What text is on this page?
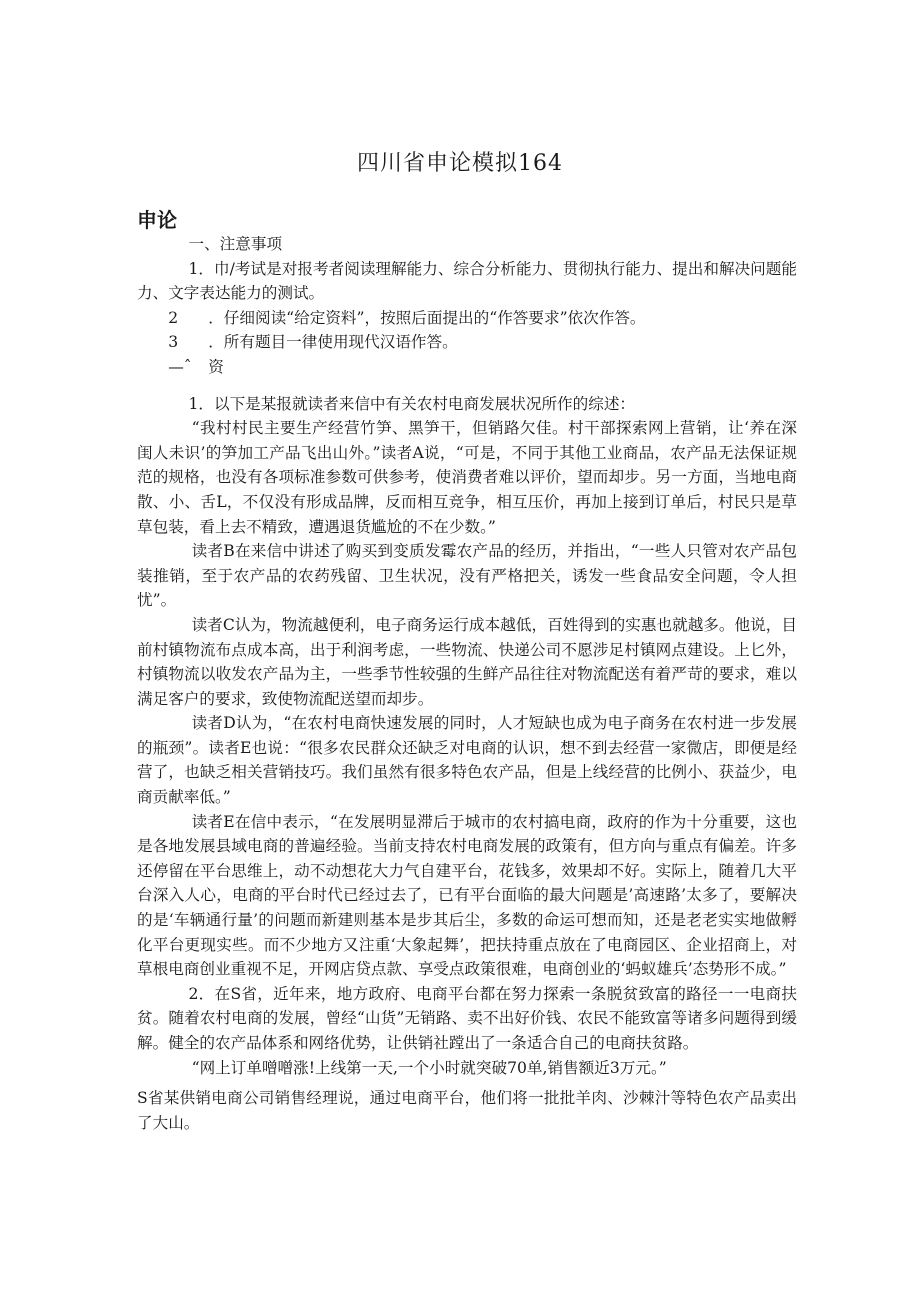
四川省申论模拟164
申论

一、注意事项

1．巾/考试是对报考者阅读理解能力、综合分析能力、贯彻执行能力、提出和解决问题能力、文字表达能力的测试。

2 ．仔细阅读“给定资料”，按照后面提出的“作答要求”依次作答。

3 ．所有题目一律使用现代汉语作答。

—ˆ 资

1．以下是某报就读者来信中有关农村电商发展状况所作的综述：

“我村村民主要生产经营竹笋、黑笋干，但销路欠佳。村干部探索网上营销，让‘养在深闺人未识’的笋加工产品飞出山外。”读者A说，“可是，不同于其他工业商品，农产品无法保证规范的规格，也没有各项标准参数可供参考，使消费者难以评价，望而却步。另一方面，当地电商散、小、舌L，不仅没有形成品牌，反而相互竞争，相互压价，再加上接到订单后，村民只是草草包装，看上去不精致，遭遇退货尴尬的不在少数。”

读者B在来信中讲述了购买到变质发霉农产品的经历，并指出，“一些人只管对农产品包装推销，至于农产品的农药残留、卫生状况，没有严格把关，诱发一些食品安全问题，令人担忧”。

读者C认为，物流越便利，电子商务运行成本越低，百姓得到的实惠也就越多。他说，目前村镇物流布点成本高，出于利润考虑，一些物流、快递公司不愿涉足村镇网点建设。上匕外，村镇物流以收发农产品为主，一些季节性较强的生鲜产品往往对物流配送有着严苛的要求，难以满足客户的要求，致使物流配送望而却步。

读者D认为，“在农村电商快速发展的同时，人才短缺也成为电子商务在农村进一步发展的瓶颈”。读者E也说：“很多农民群众还缺乏对电商的认识，想不到去经营一家微店，即便是经营了，也缺乏相关营销技巧。我们虽然有很多特色农产品，但是上线经营的比例小、获益少，电商贡献率低。”

读者E在信中表示，“在发展明显滞后于城市的农村搞电商，政府的作为十分重要，这也是各地发展县域电商的普遍经验。当前支持农村电商发展的政策有，但方向与重点有偏差。许多还停留在平台思维上，动不动想花大力气自建平台，花钱多，效果却不好。实际上，随着几大平台深入人心，电商的平台时代已经过去了，已有平台面临的最大问题是’高速路’太多了，要解决的是‘车辆通行量’的问题而新建则基本是步其后尘，多数的命运可想而知，还是老老实实地做孵化平台更现实些。而不少地方又注重‘大象起舞’，把扶持重点放在了电商园区、企业招商上，对草根电商创业重视不足，开网店贷点款、享受点政策很难，电商创业的‘蚂蚁雄兵’态势形不成。”

2．在S省，近年来，地方政府、电商平台都在努力探索一条脱贫致富的路径一一电商扶贫。随着农村电商的发展，曾经“山货”无销路、卖不出好价钱、农民不能致富等诸多问题得到缓解。健全的农产品体系和网络优势，让供销社蹚出了一条适合自己的电商扶贫路。

“网上订单噌噌涨!上线第一天,一个小时就突破70单,销售额近3万元。”

S省某供销电商公司销售经理说，通过电商平台，他们将一批批羊肉、沙棘汁等特色农产品卖出了大山。
